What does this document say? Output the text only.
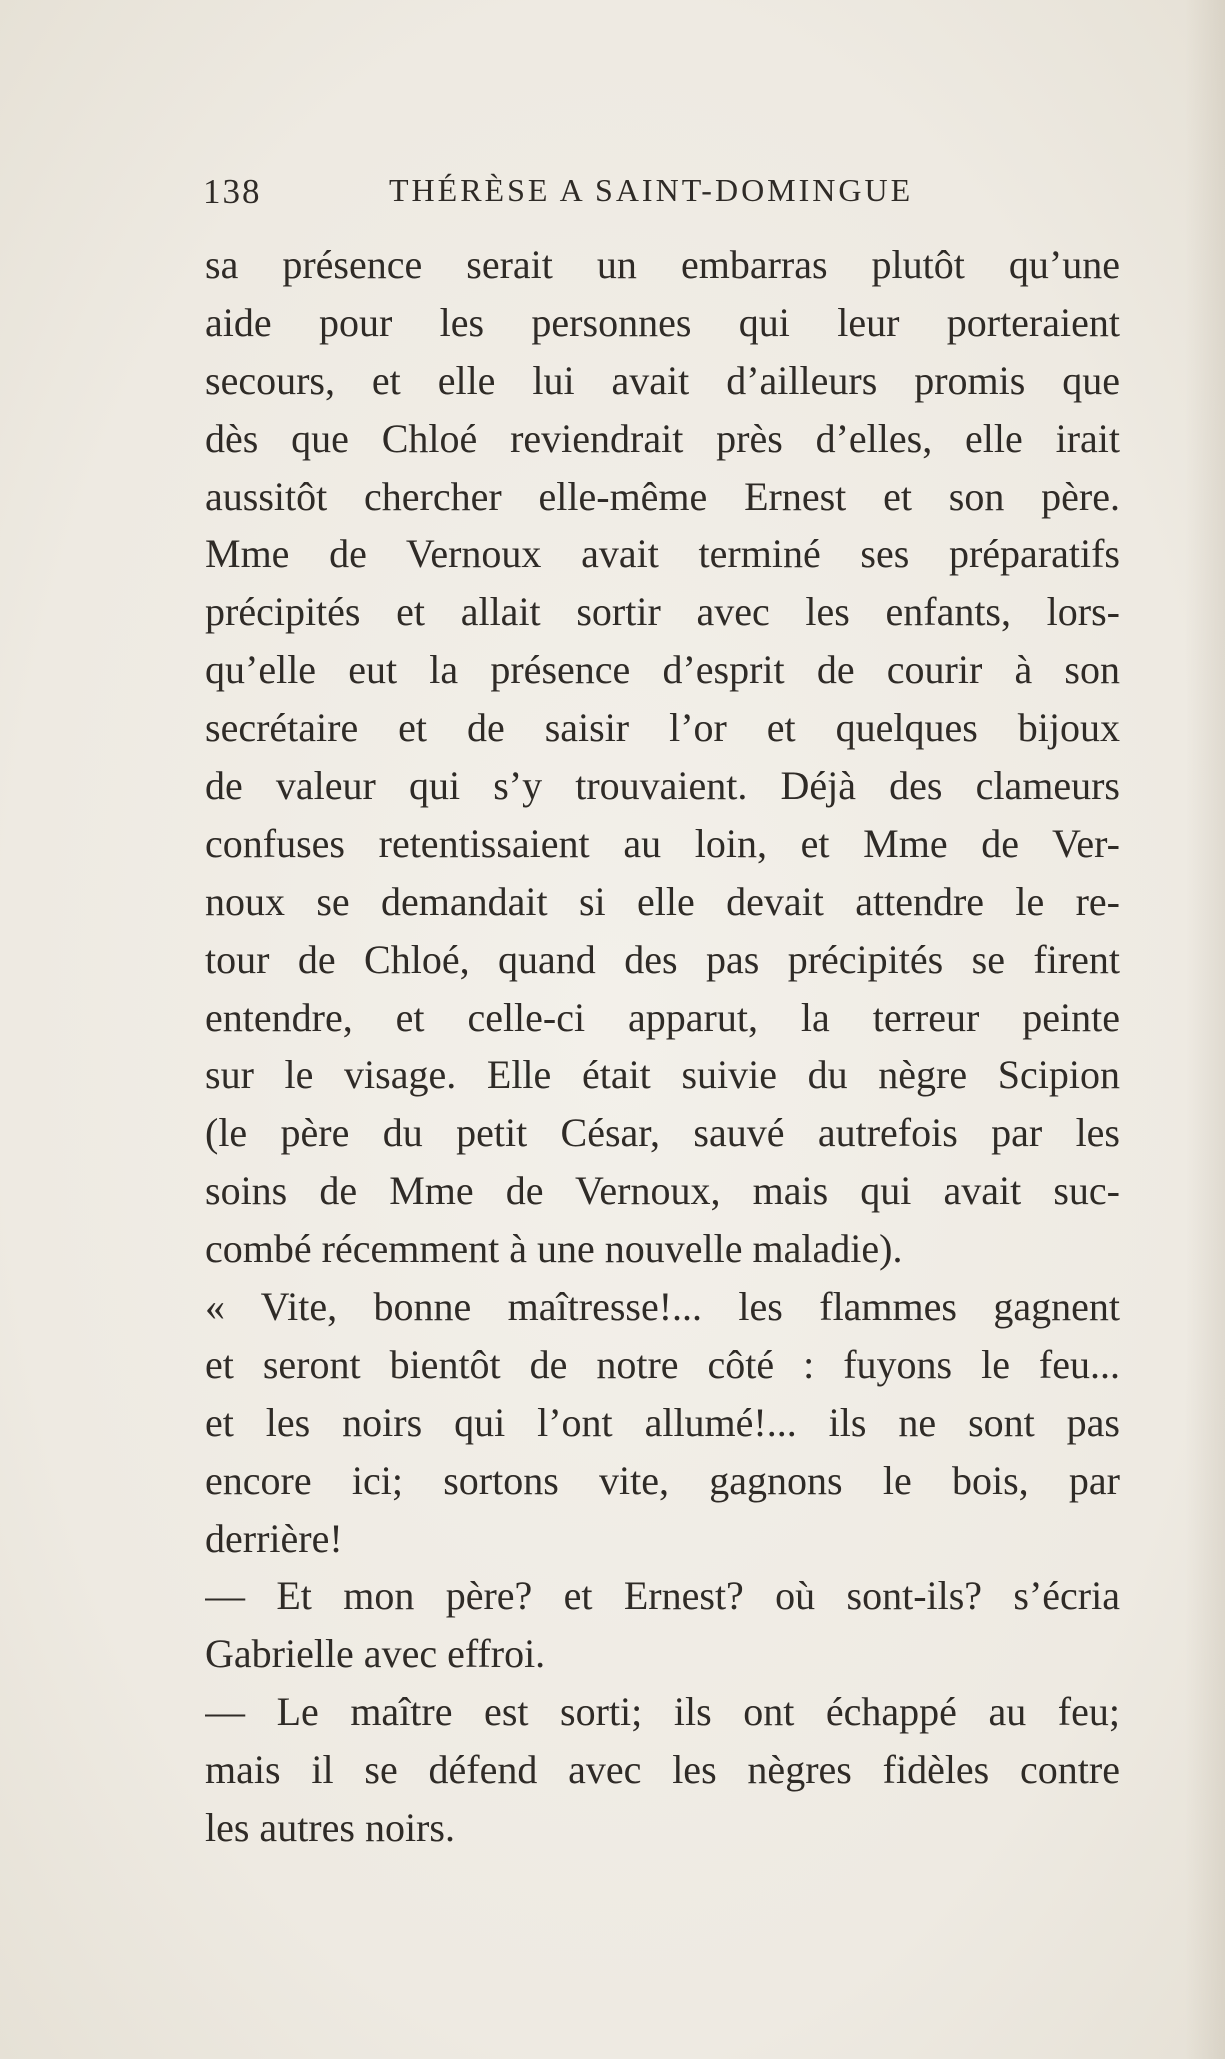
138	THÉRÈSE A SAINT-DOMINGUE
sa présence serait un embarras plutôt qu’une
aide pour les personnes qui leur porteraient
secours, et elle lui avait d’ailleurs promis que
dès que Chloé reviendrait près d’elles, elle irait
aussitôt chercher elle-même Ernest et son père.
Mme de Vernoux avait terminé ses préparatifs
précipités et allait sortir avec les enfants, lors-
qu’elle eut la présence d’esprit de courir à son
secrétaire et de saisir l’or et quelques bijoux
de valeur qui s’y trouvaient. Déjà des clameurs
confuses retentissaient au loin, et Mme de Ver-
noux se demandait si elle devait attendre le re-
tour de Chloé, quand des pas précipités se firent
entendre, et celle-ci apparut, la terreur peinte
sur le visage. Elle était suivie du nègre Scipion
(le père du petit César, sauvé autrefois par les
soins de Mme de Vernoux, mais qui avait suc-
combé récemment à une nouvelle maladie).
« Vite, bonne maîtresse!... les flammes gagnent
et seront bientôt de notre côté : fuyons le feu...
et les noirs qui l’ont allumé!... ils ne sont pas
encore ici; sortons vite, gagnons le bois, par
derrière!
— Et mon père? et Ernest? où sont-ils? s’écria
Gabrielle avec effroi.
— Le maître est sorti; ils ont échappé au feu;
mais il se défend avec les nègres fidèles contre
les autres noirs.
